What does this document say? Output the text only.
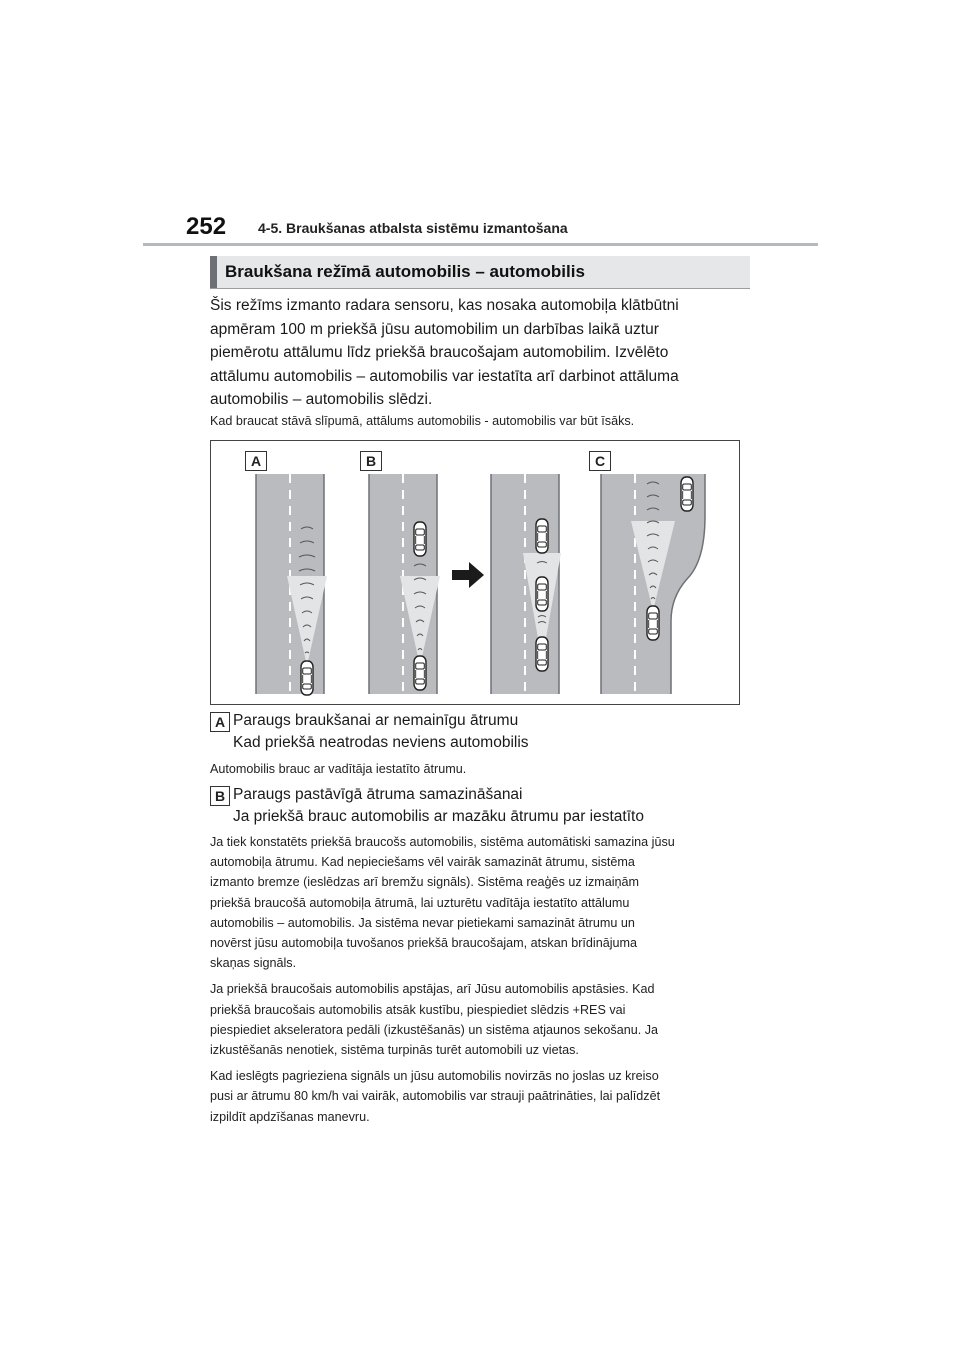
252 4-5. Braukšanas atbalsta sistēmu izmantošana
Braukšana režīmā automobilis – automobilis

Šis režīms izmanto radara sensoru, kas nosaka automobiļa klātbūtni

apmēram 100 m priekšā jūsu automobilim un darbības laikā uztur

piemērotu attālumu līdz priekšā braucošajam automobilim. Izvēlēto

attālumu automobilis – automobilis var iestatīta arī darbinot attāluma

automobilis – automobilis slēdzi.

Kad braucat stāvā slīpumā, attālums automobilis - automobilis var būt īsāks.
A	B	C
A Paraugs braukšanai ar nemainīgu ātrumu
Kad priekšā neatrodas neviens automobilis
Automobilis brauc ar vadītāja iestatīto ātrumu.
B Paraugs pastāvīgā ātruma samazināšanai
Ja priekšā brauc automobilis ar mazāku ātrumu par iestatīto

Ja tiek konstatēts priekšā braucošs automobilis, sistēma automātiski samazina jūsu
automobiļa ātrumu. Kad nepieciešams vēl vairāk samazināt ātrumu, sistēma
izmanto bremze (ieslēdzas arī bremžu signāls). Sistēma reaģēs uz izmaiņām
priekšā braucošā automobiļa ātrumā, lai uzturētu vadītāja iestatīto attālumu
automobilis – automobilis. Ja sistēma nevar pietiekami samazināt ātrumu un
novērst jūsu automobiļa tuvošanos priekšā braucošajam, atskan brīdinājuma
skaņas signāls.

Ja priekšā braucošais automobilis apstājas, arī Jūsu automobilis apstāsies. Kad
priekšā braucošais automobilis atsāk kustību, piespiediet slēdzis +RES vai
piespiediet akseleratora pedāli (izkustēšanās) un sistēma atjaunos sekošanu. Ja
izkustēšanās nenotiek, sistēma turpinās turēt automobili uz vietas.

Kad ieslēgts pagrieziena signāls un jūsu automobilis novirzās no joslas uz kreiso
pusi ar ātrumu 80 km/h vai vairāk, automobilis var strauji paātrināties, lai palīdzēt
izpildīt apdzīšanas manevru.
